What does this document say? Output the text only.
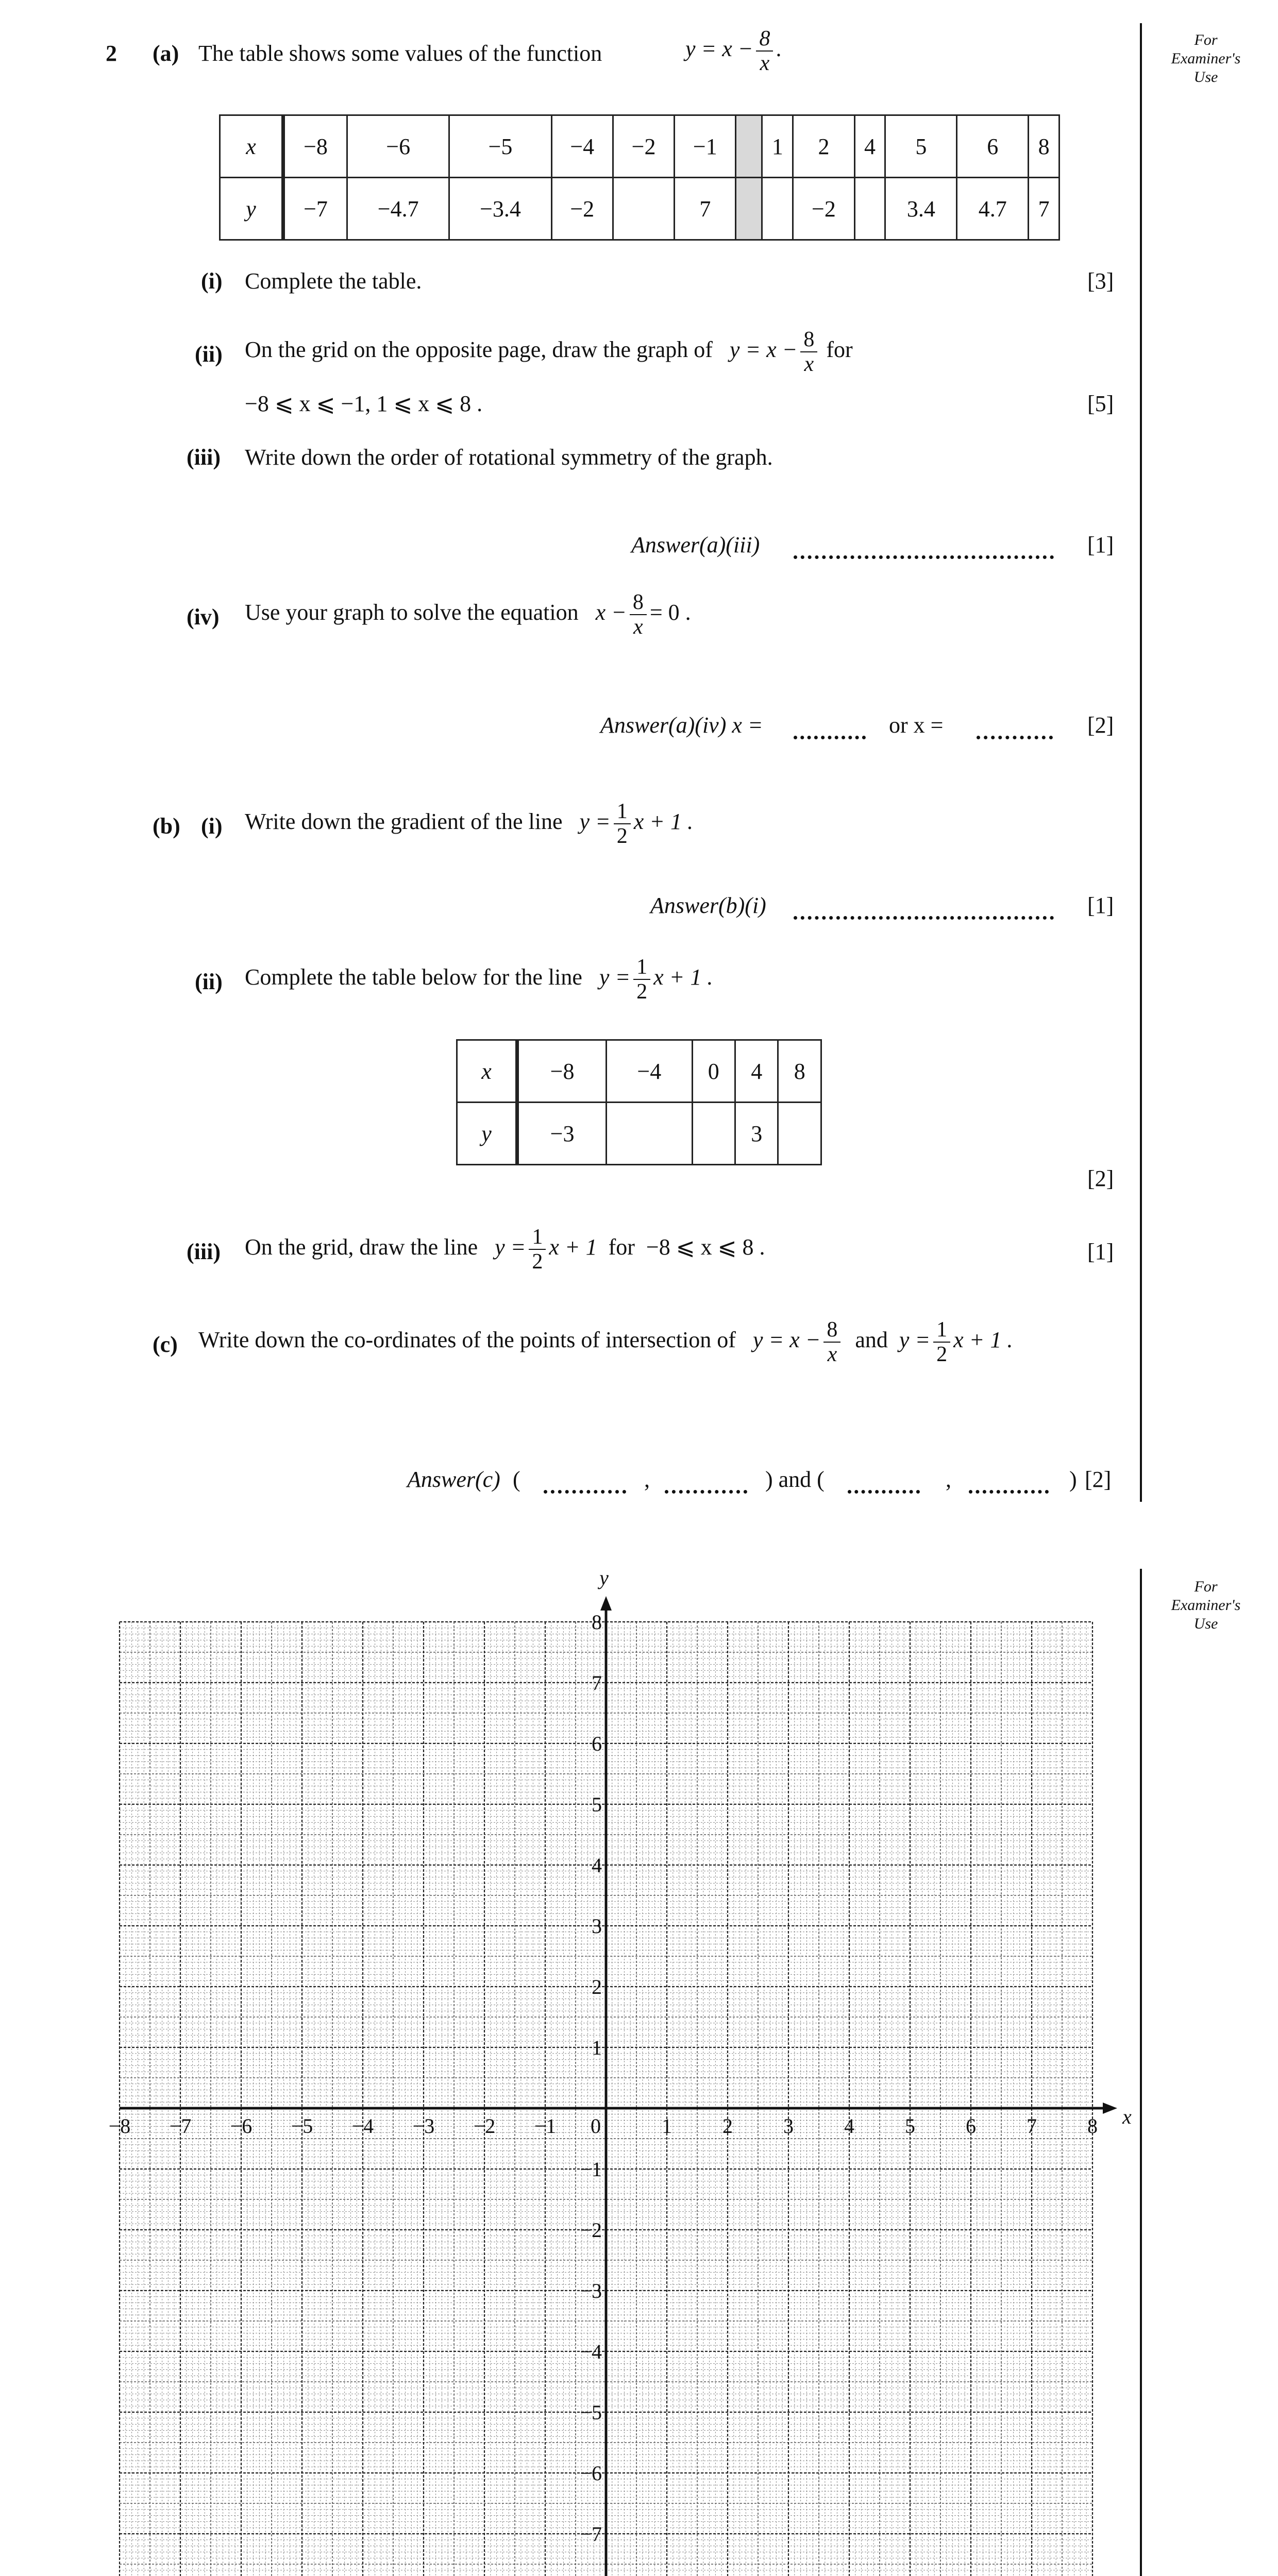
2 (a) The table shows some values of the function	$y = x - \frac{8}{x}$ .	For
Examiner's
Use
x	−8	−6	−5	−4	−2	−1		1	2	4	5	6	8
y	−7	−4.7	−3.4	−2		7			−2		3.4	4.7	7
(i) Complete the table.	[3]
(ii) On the grid on the opposite page, draw the graph of $y = x - \frac{8}{x}$ for
−8 ⩽ x ⩽ −1, 1 ⩽ x ⩽ 8 .	[5]
(iii) Write down the order of rotational symmetry of the graph.
Answer(a)(iii)	[1]
(iv) Use your graph to solve the equation $x - \frac{8}{x} = 0$ .
Answer(a)(iv) x =	or x =	[2]
(b) (i) Write down the gradient of the line $y = \frac{1}{2}$ x + 1 .
Answer(b)(i)	[1]
(ii) Complete the table below for the line $y = \frac{1}{2}$ x + 1 .
x	−8	−4	0	4	8
y	−3			3	
[2]
(iii) On the grid, draw the line $y = \frac{1}{2}$ x + 1 for −8 ⩽ x ⩽ 8 .	[1]
(c) Write down the co-ordinates of the points of intersection of $y = x - \frac{8}{x}$ and $y = \frac{1}{2}$ x + 1 .
Answer(c) (	,	) and (	,	) [2]
For
Examiner's
Use
−8 −7 −6 −5 −4 −3 −2 −1 0	1 2 3 4 5 6 7 8
8
7
6
5
4
3
2
1
−1
−2
−3
−4
−5
−6
−7
x
y
